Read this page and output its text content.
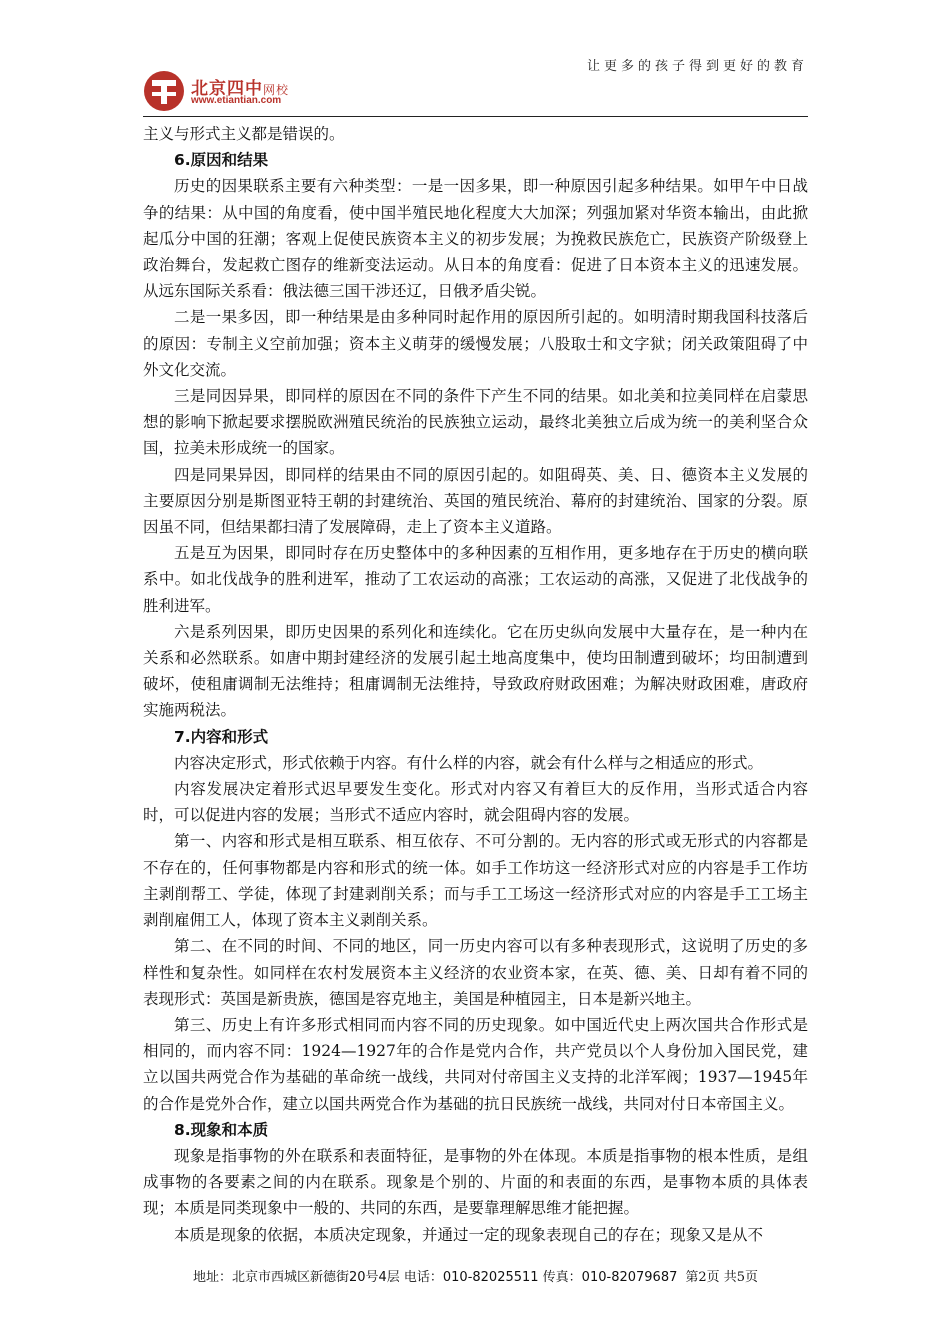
北京四中网校
www.etiantian.com
让更多的孩子得到更好的教育

主义与形式主义都是错误的。

6.原因和结果

历史的因果联系主要有六种类型：一是一因多果，即一种原因引起多种结果。如甲午中日战争的结果：从中国的角度看，使中国半殖民地化程度大大加深；列强加紧对华资本输出，由此掀起瓜分中国的狂潮；客观上促使民族资本主义的初步发展；为挽救民族危亡，民族资产阶级登上政治舞台，发起救亡图存的维新变法运动。从日本的角度看：促进了日本资本主义的迅速发展。从远东国际关系看：俄法德三国干涉还辽，日俄矛盾尖锐。

二是一果多因，即一种结果是由多种同时起作用的原因所引起的。如明清时期我国科技落后的原因：专制主义空前加强；资本主义萌芽的缓慢发展；八股取士和文字狱；闭关政策阻碍了中外文化交流。

三是同因异果，即同样的原因在不同的条件下产生不同的结果。如北美和拉美同样在启蒙思想的影响下掀起要求摆脱欧洲殖民统治的民族独立运动，最终北美独立后成为统一的美利坚合众国，拉美未形成统一的国家。

四是同果异因，即同样的结果由不同的原因引起的。如阻碍英、美、日、德资本主义发展的主要原因分别是斯图亚特王朝的封建统治、英国的殖民统治、幕府的封建统治、国家的分裂。原因虽不同，但结果都扫清了发展障碍，走上了资本主义道路。

五是互为因果，即同时存在历史整体中的多种因素的互相作用，更多地存在于历史的横向联系中。如北伐战争的胜利进军，推动了工农运动的高涨；工农运动的高涨，又促进了北伐战争的胜利进军。

六是系列因果，即历史因果的系列化和连续化。它在历史纵向发展中大量存在，是一种内在关系和必然联系。如唐中期封建经济的发展引起土地高度集中，使均田制遭到破坏；均田制遭到破坏，使租庸调制无法维持；租庸调制无法维持，导致政府财政困难；为解决财政困难，唐政府实施两税法。

7.内容和形式

内容决定形式，形式依赖于内容。有什么样的内容，就会有什么样与之相适应的形式。

内容发展决定着形式迟早要发生变化。形式对内容又有着巨大的反作用，当形式适合内容时，可以促进内容的发展；当形式不适应内容时，就会阻碍内容的发展。

第一、内容和形式是相互联系、相互依存、不可分割的。无内容的形式或无形式的内容都是不存在的，任何事物都是内容和形式的统一体。如手工作坊这一经济形式对应的内容是手工作坊主剥削帮工、学徒，体现了封建剥削关系；而与手工工场这一经济形式对应的内容是手工工场主剥削雇佣工人，体现了资本主义剥削关系。

第二、在不同的时间、不同的地区，同一历史内容可以有多种表现形式，这说明了历史的多样性和复杂性。如同样在农村发展资本主义经济的农业资本家，在英、德、美、日却有着不同的表现形式：英国是新贵族，德国是容克地主，美国是种植园主，日本是新兴地主。

第三、历史上有许多形式相同而内容不同的历史现象。如中国近代史上两次国共合作形式是相同的，而内容不同：1924—1927年的合作是党内合作，共产党员以个人身份加入国民党，建立以国共两党合作为基础的革命统一战线，共同对付帝国主义支持的北洋军阀；1937—1945年的合作是党外合作，建立以国共两党合作为基础的抗日民族统一战线，共同对付日本帝国主义。

8.现象和本质

现象是指事物的外在联系和表面特征，是事物的外在体现。本质是指事物的根本性质，是组成事物的各要素之间的内在联系。现象是个别的、片面的和表面的东西，是事物本质的具体表现；本质是同类现象中一般的、共同的东西，是要靠理解思维才能把握。

本质是现象的依据，本质决定现象，并通过一定的现象表现自己的存在；现象又是从不

地址：北京市西城区新德街20号4层 电话：010-82025511 传真：010-82079687 第2页 共5页
